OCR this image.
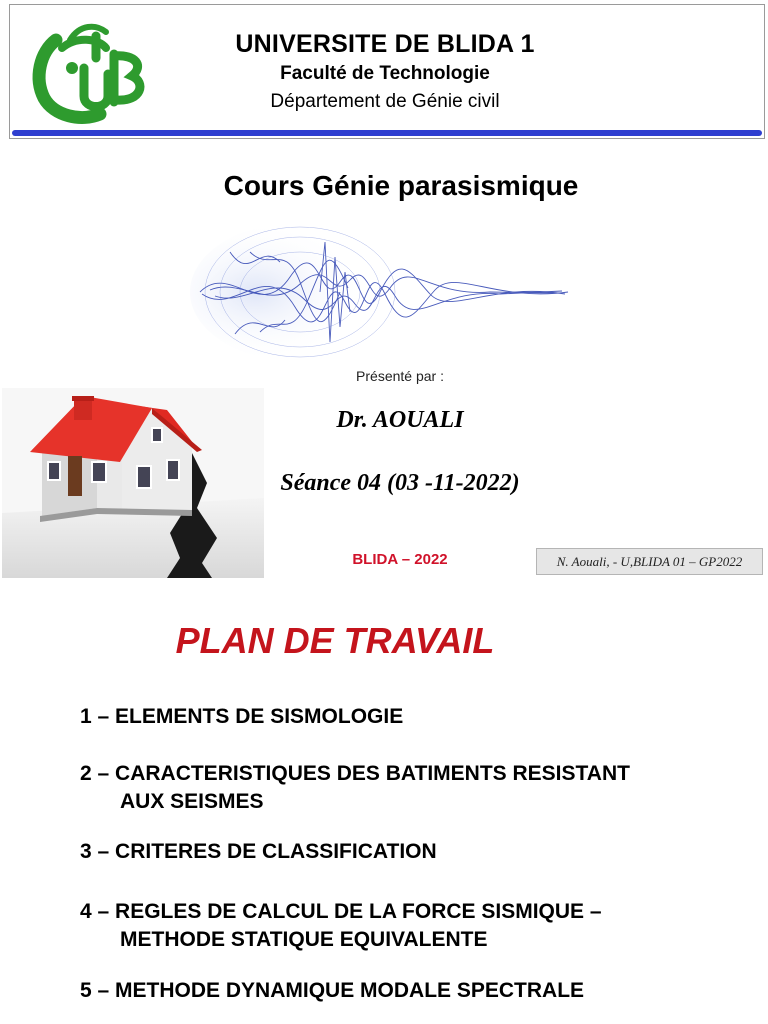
UNIVERSITE DE BLIDA 1
Faculté de Technologie
Département de Génie civil
Cours Génie parasismique
Présenté par :
Dr. AOUALI
Séance 04 (03 -11-2022)
BLIDA – 2022	N. Aouali, - U,BLIDA 01 – GP2022
PLAN DE TRAVAIL
1 – ELEMENTS DE SISMOLOGIE
2 – CARACTERISTIQUES DES BATIMENTS RESISTANT
AUX SEISMES
3 – CRITERES DE CLASSIFICATION
4 – REGLES DE CALCUL DE LA FORCE SISMIQUE –
METHODE STATIQUE EQUIVALENTE
5 – METHODE DYNAMIQUE MODALE SPECTRALE
